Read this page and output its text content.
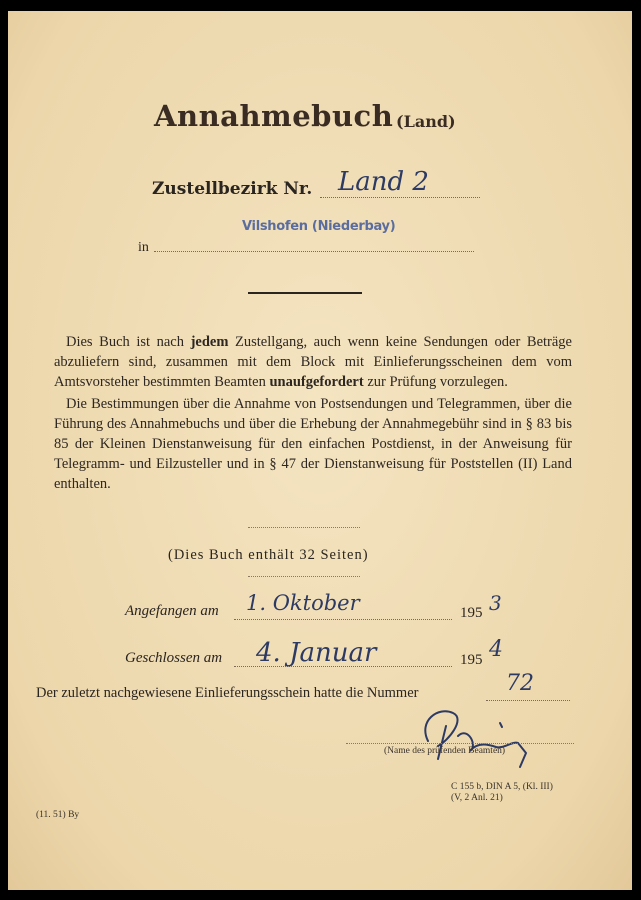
Annahmebuch (Land)
Zustellbezirk Nr. Land 2
Vilshofen (Niederbay)
in
Dies Buch ist nach jedem Zustellgang, auch wenn keine Sendungen oder Beträge abzuliefern sind, zusammen mit dem Block mit Einlieferungsscheinen dem vom Amtsvorsteher bestimmten Beamten unaufgefordert zur Prüfung vorzulegen.
Die Bestimmungen über die Annahme von Postsendungen und Telegrammen, über die Führung des Annahmebuchs und über die Erhebung der Annahmegebühr sind in § 83 bis 85 der Kleinen Dienstanweisung für den einfachen Postdienst, in der Anweisung für Telegramm- und Eilzusteller und in § 47 der Dienstanweisung für Poststellen (II) Land enthalten.
(Dies Buch enthält 32 Seiten)
Angefangen am 1. Oktober	195 3
Geschlossen am 4. Januar	195 4
Der zuletzt nachgewiesene Einlieferungsschein hatte die Nummer	72
(Name des prüfenden Beamten)
C 155 b, DIN A 5, (Kl. III)
(V, 2 Anl. 21)
(11. 51) By
